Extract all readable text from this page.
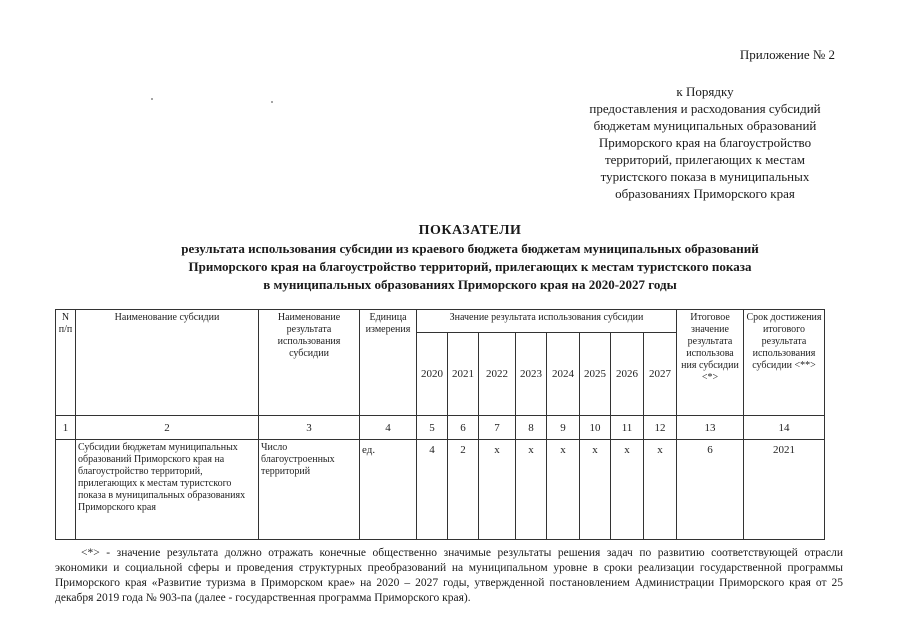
Приложение № 2
к Порядку
предоставления и расходования субсидий
бюджетам муниципальных образований
Приморского края на благоустройство
территорий, прилегающих к местам
туристского показа в муниципальных
образованиях Приморского края
ПОКАЗАТЕЛИ
результата использования субсидии из краевого бюджета бюджетам муниципальных образований
Приморского края на благоустройство территорий, прилегающих к местам туристского показа
в муниципальных образованиях Приморского края на 2020-2027 годы
N п/п	Наименование субсидии	Наименование результата использования субсидии	Единица измерения	Значение результата использования субсидии								Итоговое значение результата использова ния субсидии <*>	Срок достижения итогового результата использования субсидии <**>
				2020	2021	2022	2023	2024	2025	2026	2027		
1	2	3	4	5	6	7	8	9	10	11	12	13	14
	Субсидии бюджетам муниципальных образований Приморского края на благоустройство территорий, прилегающих к местам туристского показа в муниципальных образованиях Приморского края	Число благоустроенных территорий	ед.	4	2	х	х	х	х	х	х	6	2021
<*> - значение результата должно отражать конечные общественно значимые результаты решения задач по развитию соответствующей отрасли экономики и социальной сферы и проведения структурных преобразований на муниципальном уровне в сроки реализации государственной программы Приморского края «Развитие туризма в Приморском крае» на 2020 – 2027 годы, утвержденной постановлением Администрации Приморского края от 25 декабря 2019 года № 903-па (далее - государственная программа Приморского края).
